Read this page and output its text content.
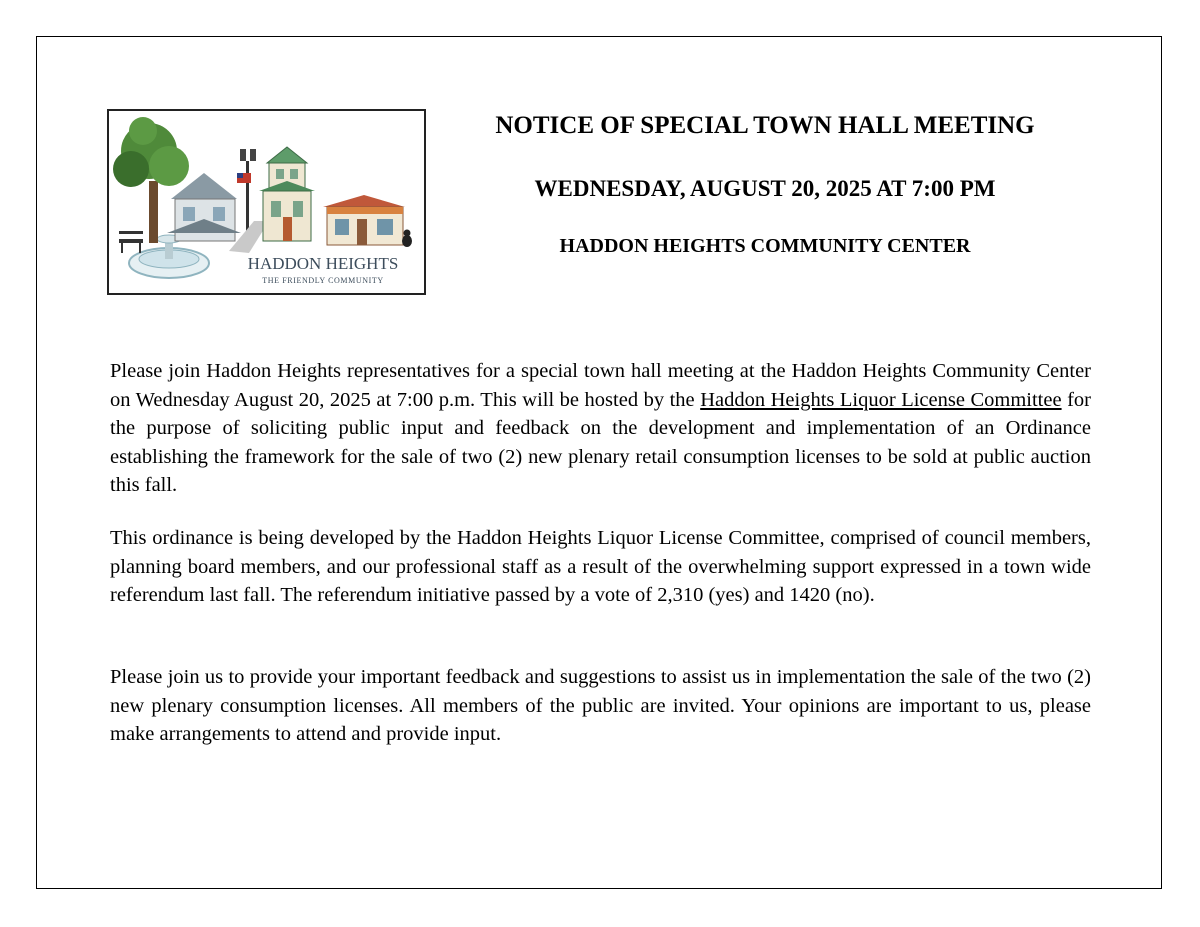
HADDON HEIGHTS
THE FRIENDLY COMMUNITY
NOTICE OF SPECIAL TOWN HALL MEETING
WEDNESDAY, AUGUST 20, 2025 AT 7:00 PM
HADDON HEIGHTS COMMUNITY CENTER

Please join Haddon Heights representatives for a special town hall meeting at the Haddon Heights Community Center on Wednesday August 20, 2025 at 7:00 p.m. This will be hosted by the Haddon Heights Liquor License Committee for the purpose of soliciting public input and feedback on the development and implementation of an Ordinance establishing the framework for the sale of two (2) new plenary retail consumption licenses to be sold at public auction this fall.

This ordinance is being developed by the Haddon Heights Liquor License Committee, comprised of council members, planning board members, and our professional staff as a result of the overwhelming support expressed in a town wide referendum last fall. The referendum initiative passed by a vote of 2,310 (yes) and 1420 (no).

Please join us to provide your important feedback and suggestions to assist us in implementation the sale of the two (2) new plenary consumption licenses. All members of the public are invited. Your opinions are important to us, please make arrangements to attend and provide input.
